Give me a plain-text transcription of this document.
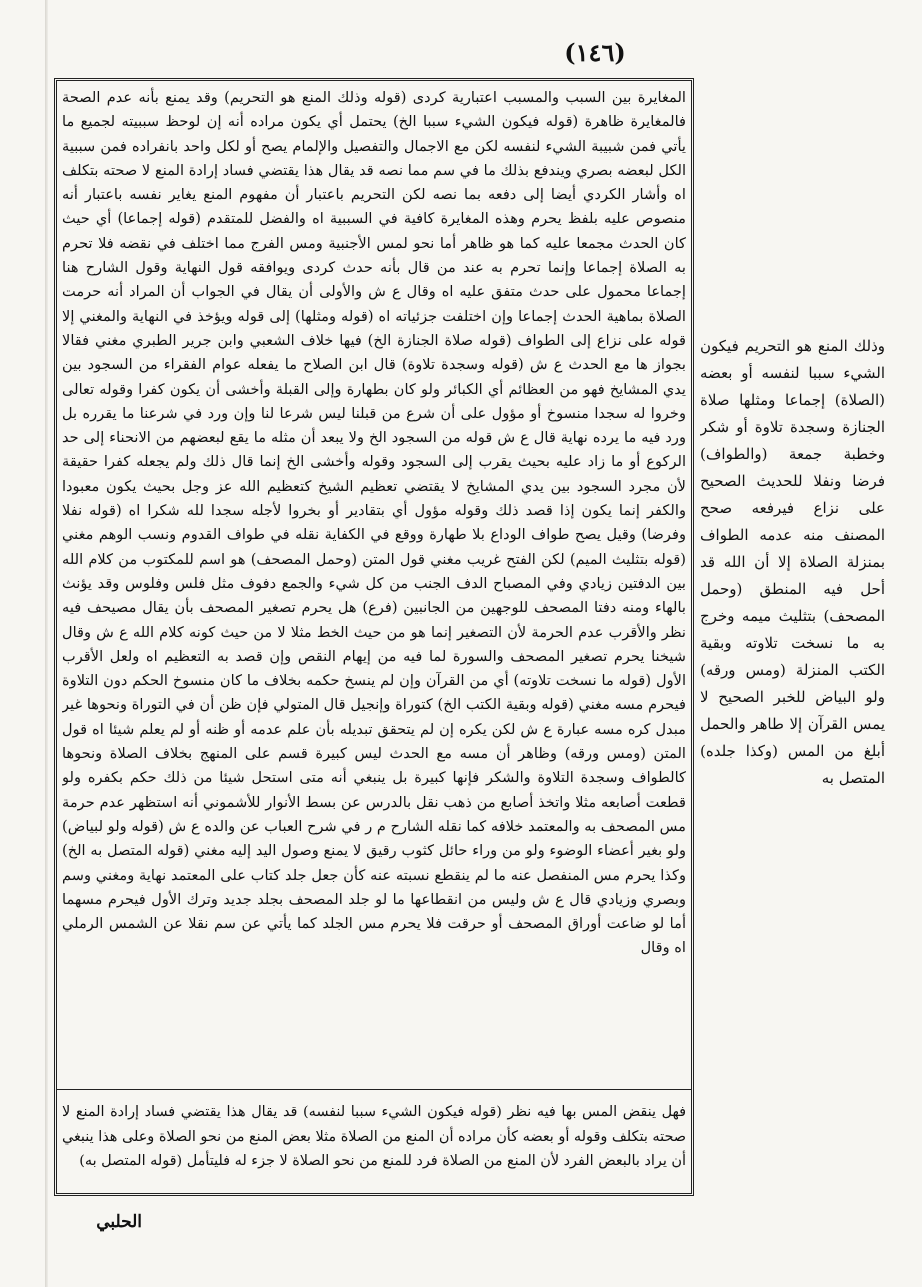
(١٤٦)

المغايرة بين السبب والمسبب اعتبارية كردى (قوله وذلك المنع هو التحريم) وقد يمنع بأنه عدم الصحة فالمغايرة ظاهرة (قوله فيكون الشيء سببا الخ) يحتمل أي يكون مراده أنه إن لوحظ سببيته لجميع ما يأتي فمن شبيبة الشيء لنفسه لكن مع الاجمال والتفصيل والإلمام يصح أو لكل واحد بانفراده فمن سببية الكل لبعضه بصري ويندفع بذلك ما في سم مما نصه قد يقال هذا يقتضي فساد إرادة المنع لا صحته بتكلف اه وأشار الكردي أيضا إلى دفعه بما نصه لكن التحريم باعتبار أن مفهوم المنع يغاير نفسه باعتبار أنه منصوص عليه بلفظ يحرم وهذه المغايرة كافية في السببية اه والفضل للمتقدم (قوله إجماعا) أي حيث كان الحدث مجمعا عليه كما هو ظاهر أما نحو لمس الأجنبية ومس الفرج مما اختلف في نقضه فلا تحرم به الصلاة إجماعا وإنما تحرم به عند من قال بأنه حدث كردى ويوافقه قول النهاية وقول الشارح هنا إجماعا محمول على حدث متفق عليه اه وقال ع ش والأولى أن يقال في الجواب أن المراد أنه حرمت الصلاة بماهية الحدث إجماعا وإن اختلفت جزئياته اه (قوله ومثلها) إلى قوله ويؤخذ في النهاية والمغني إلا قوله على نزاع إلى الطواف (قوله صلاة الجنازة الخ) فيها خلاف الشعبي وابن جرير الطبري مغني فقالا بجواز ها مع الحدث ع ش (قوله وسجدة تلاوة) قال ابن الصلاح ما يفعله عوام الفقراء من السجود بين يدي المشايخ فهو من العظائم أي الكبائر ولو كان بطهارة وإلى القبلة وأخشى أن يكون كفرا وقوله تعالى وخروا له سجدا منسوخ أو مؤول على أن شرع من قبلنا ليس شرعا لنا وإن ورد في شرعنا ما يقرره بل ورد فيه ما يرده نهاية قال ع ش قوله من السجود الخ ولا يبعد أن مثله ما يقع لبعضهم من الانحناء إلى حد الركوع أو ما زاد عليه بحيث يقرب إلى السجود وقوله وأخشى الخ إنما قال ذلك ولم يجعله كفرا حقيقة لأن مجرد السجود بين يدي المشايخ لا يقتضي تعظيم الشيخ كتعظيم الله عز وجل بحيث يكون معبودا والكفر إنما يكون إذا قصد ذلك وقوله مؤول أي بتقادير أو بخروا لأجله سجدا لله شكرا اه (قوله نفلا وفرضا) وقيل يصح طواف الوداع بلا طهارة ووقع في الكفاية نقله في طواف القدوم ونسب الوهم مغني (قوله بتثليث الميم) لكن الفتح غريب مغني قول المتن (وحمل المصحف) هو اسم للمكتوب من كلام الله بين الدفتين زيادي وفي المصباح الدف الجنب من كل شيء والجمع دفوف مثل فلس وفلوس وقد يؤنث بالهاء ومنه دفتا المصحف للوجهين من الجانبين (فرع) هل يحرم تصغير المصحف بأن يقال مصيحف فيه نظر والأقرب عدم الحرمة لأن التصغير إنما هو من حيث الخط مثلا لا من حيث كونه كلام الله ع ش وقال شيخنا يحرم تصغير المصحف والسورة لما فيه من إيهام النقص وإن قصد به التعظيم اه ولعل الأقرب الأول (قوله ما نسخت تلاوته) أي من القرآن وإن لم ينسخ حكمه بخلاف ما كان منسوخ الحكم دون التلاوة فيحرم مسه مغني (قوله وبقية الكتب الخ) كتوراة وإنجيل قال المتولي فإن ظن أن في التوراة ونحوها غير مبدل كره مسه عبارة ع ش لكن يكره إن لم يتحقق تبديله بأن علم عدمه أو ظنه أو لم يعلم شيئا اه قول المتن (ومس ورقه) وظاهر أن مسه مع الحدث ليس كبيرة قسم على المنهج بخلاف الصلاة ونحوها كالطواف وسجدة التلاوة والشكر فإنها كبيرة بل ينبغي أنه متى استحل شيئا من ذلك حكم بكفره ولو قطعت أصابعه مثلا واتخذ أصابع من ذهب نقل بالدرس عن بسط الأنوار للأشموني أنه استظهر عدم حرمة مس المصحف به والمعتمد خلافه كما نقله الشارح م ر في شرح العباب عن والده ع ش (قوله ولو لبياض) ولو بغير أعضاء الوضوء ولو من وراء حائل كثوب رقيق لا يمنع وصول اليد إليه مغني (قوله المتصل به الخ) وكذا يحرم مس المنفصل عنه ما لم ينقطع نسبته عنه كأن جعل جلد كتاب على المعتمد نهاية ومغني وسم وبصري وزيادي قال ع ش وليس من انقطاعها ما لو جلد المصحف بجلد جديد وترك الأول فيحرم مسهما أما لو ضاعت أوراق المصحف أو حرقت فلا يحرم مس الجلد كما يأتي عن سم نقلا عن الشمس الرملي اه وقال

فهل ينقض المس بها فيه نظر (قوله فيكون الشيء سببا لنفسه) قد يقال هذا يقتضي فساد إرادة المنع لا صحته بتكلف وقوله أو بعضه كأن مراده أن المنع من الصلاة مثلا بعض المنع من نحو الصلاة وعلى هذا ينبغي أن يراد بالبعض الفرد لأن المنع من الصلاة فرد للمنع من نحو الصلاة لا جزء له فليتأمل (قوله المتصل به)

وذلك المنع هو التحريم فيكون الشيء سببا لنفسه أو بعضه (الصلاة) إجماعا ومثلها صلاة الجنازة وسجدة تلاوة أو شكر وخطبة جمعة (والطواف) فرضا ونفلا للحديث الصحيح على نزاع فيرفعه صحح المصنف منه عدمه الطواف بمنزلة الصلاة إلا أن الله قد أحل فيه المنطق (وحمل المصحف) بتثليث ميمه وخرج به ما نسخت تلاوته وبقية الكتب المنزلة (ومس ورقه) ولو البياض للخبر الصحيح لا يمس القرآن إلا طاهر والحمل أبلغ من المس (وكذا جلده) المتصل به

الحلبي
